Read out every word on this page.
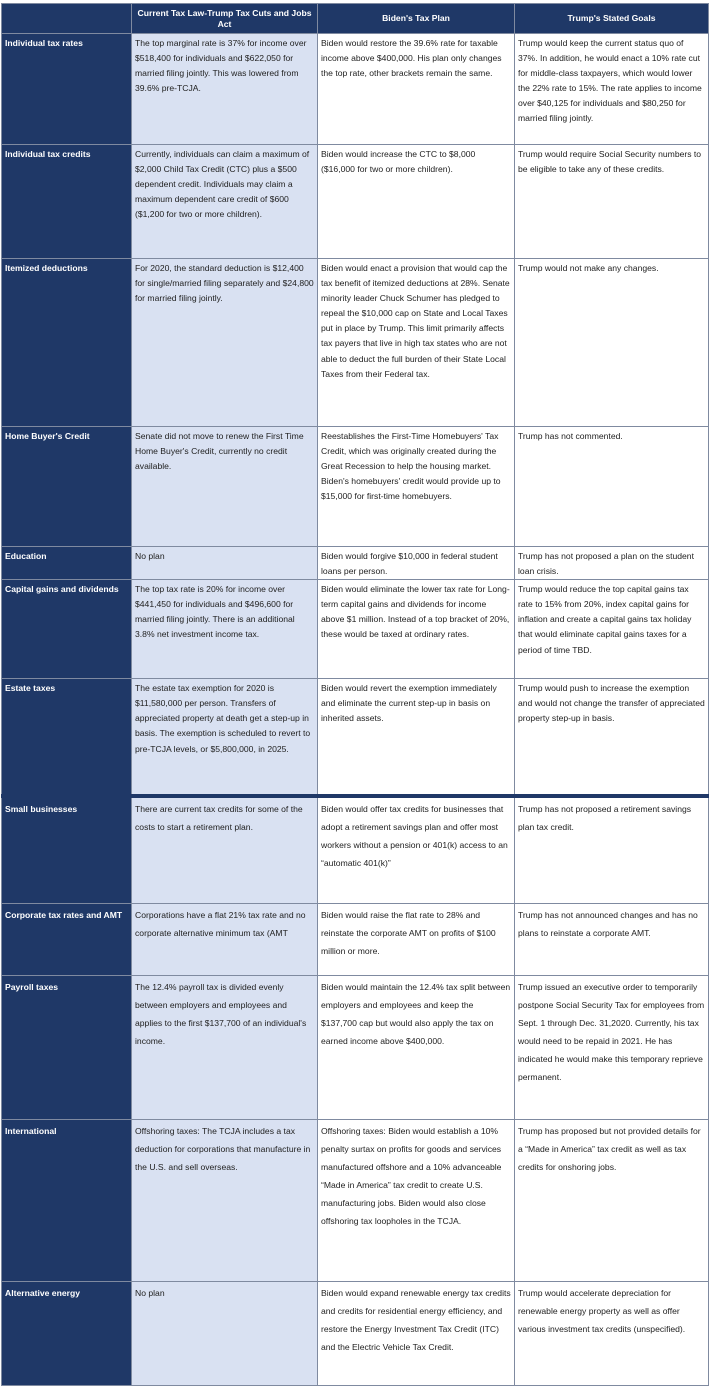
	Current Tax Law-Trump Tax Cuts and Jobs Act	Biden's Tax Plan	Trump's Stated Goals
Individual tax rates	The top marginal rate is 37% for income over $518,400 for individuals and $622,050 for married filing jointly. This was lowered from 39.6% pre-TCJA.	Biden would restore the 39.6% rate for taxable income above $400,000. His plan only changes the top rate, other brackets remain the same.	Trump would keep the current status quo of 37%. In addition, he would enact a 10% rate cut for middle-class taxpayers, which would lower the 22% rate to 15%. The rate applies to income over $40,125 for individuals and $80,250 for married filing jointly.
Individual tax credits	Currently, individuals can claim a maximum of $2,000 Child Tax Credit (CTC) plus a $500 dependent credit. Individuals may claim a maximum dependent care credit of $600 ($1,200 for two or more children).	Biden would increase the CTC to $8,000 ($16,000 for two or more children).	Trump would require Social Security numbers to be eligible to take any of these credits.
Itemized deductions	For 2020, the standard deduction is $12,400 for single/married filing separately and $24,800 for married filing jointly.	Biden would enact a provision that would cap the tax benefit of itemized deductions at 28%. Senate minority leader Chuck Schumer has pledged to repeal the $10,000 cap on State and Local Taxes put in place by Trump. This limit primarily affects tax payers that live in high tax states who are not able to deduct the full burden of their State Local Taxes from their Federal tax.	Trump would not make any changes.
Home Buyer's Credit	Senate did not move to renew the First Time Home Buyer's Credit, currently no credit available.	Reestablishes the First-Time Homebuyers' Tax Credit, which was originally created during the Great Recession to help the housing market. Biden's homebuyers' credit would provide up to $15,000 for first-time homebuyers.	Trump has not commented.
Education	No plan	Biden would forgive $10,000 in federal student loans per person.	Trump has not proposed a plan on the student loan crisis.
Capital gains and dividends	The top tax rate is 20% for income over $441,450 for individuals and $496,600 for married filing jointly. There is an additional 3.8% net investment income tax.	Biden would eliminate the lower tax rate for Long-term capital gains and dividends for income above $1 million. Instead of a top bracket of 20%, these would be taxed at ordinary rates.	Trump would reduce the top capital gains tax rate to 15% from 20%, index capital gains for inflation and create a capital gains tax holiday that would eliminate capital gains taxes for a period of time TBD.
Estate taxes	The estate tax exemption for 2020 is $11,580,000 per person. Transfers of appreciated property at death get a step-up in basis. The exemption is scheduled to revert to pre-TCJA levels, or $5,800,000, in 2025.	Biden would revert the exemption immediately and eliminate the current step-up in basis on inherited assets.	Trump would push to increase the exemption and would not change the transfer of appreciated property step-up in basis.
Small businesses	There are current tax credits for some of the costs to start a retirement plan.	Biden would offer tax credits for businesses that adopt a retirement savings plan and offer most workers without a pension or 401(k) access to an “automatic 401(k)”	Trump has not proposed a retirement savings plan tax credit.
Corporate tax rates and AMT	Corporations have a flat 21% tax rate and no corporate alternative minimum tax (AMT	Biden would raise the flat rate to 28% and reinstate the corporate AMT on profits of $100 million or more.	Trump has not announced changes and has no plans to reinstate a corporate AMT.
Payroll taxes	The 12.4% payroll tax is divided evenly between employers and employees and applies to the first $137,700 of an individual's income.	Biden would maintain the 12.4% tax split between employers and employees and keep the $137,700 cap but would also apply the tax on earned income above $400,000.	Trump issued an executive order to temporarily postpone Social Security Tax for employees from Sept. 1 through Dec. 31,2020. Currently, his tax would need to be repaid in 2021. He has indicated he would make this temporary reprieve permanent.
International	Offshoring taxes: The TCJA includes a tax deduction for corporations that manufacture in the U.S. and sell overseas.	Offshoring taxes: Biden would establish a 10% penalty surtax on profits for goods and services manufactured offshore and a 10% advanceable “Made in America” tax credit to create U.S. manufacturing jobs. Biden would also close offshoring tax loopholes in the TCJA.	Trump has proposed but not provided details for a “Made in America” tax credit as well as tax credits for onshoring jobs.
Alternative energy	No plan	Biden would expand renewable energy tax credits and credits for residential energy efficiency, and restore the Energy Investment Tax Credit (ITC) and the Electric Vehicle Tax Credit.	Trump would accelerate depreciation for renewable energy property as well as offer various investment tax credits (unspecified).
